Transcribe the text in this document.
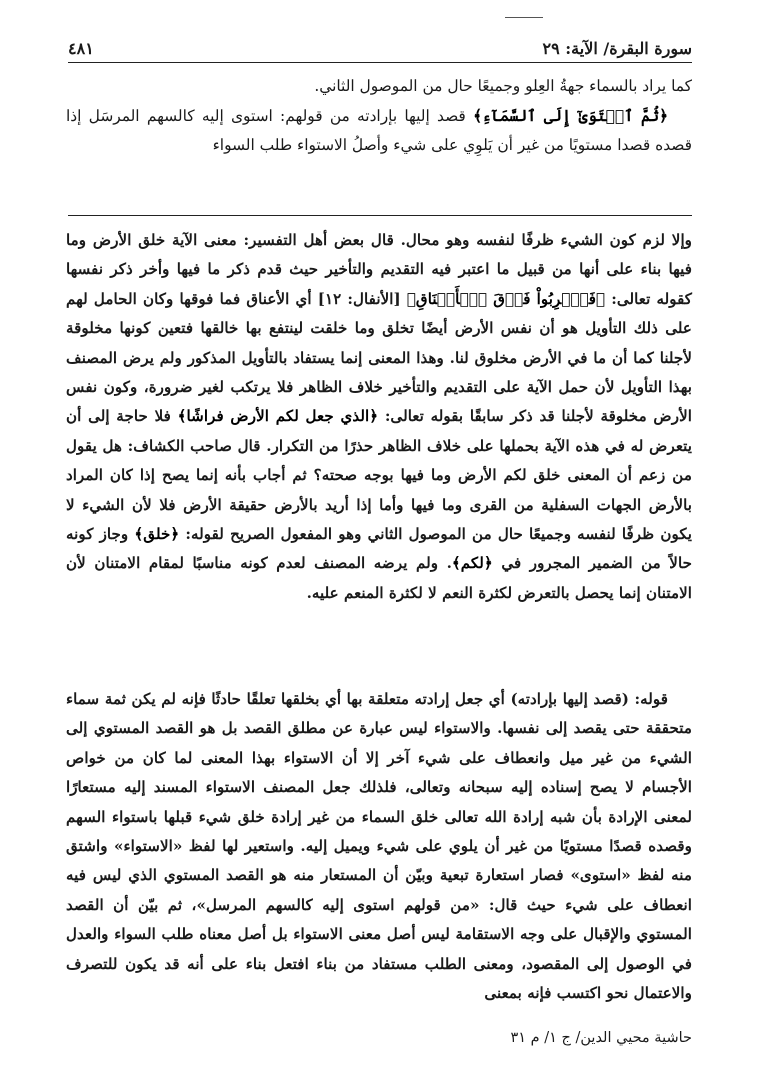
سورة البقرة/ الآية: ٢٩
٤٨١

كما يراد بالسماء جهةُ العِلو وجميعًا حال من الموصول الثاني.

﴿ثُمَّ ٱسۡتَوَىٰٓ إِلَى ٱلسَّمَآءِ﴾ قصد إليها بإرادته من قولهم: استوى إليه كالسهم المرسَل إذا قصده قصدا مستويًا من غير أن يَلوِي على شيء وأصلُ الاستواء طلب السواء

وإلا لزم كون الشيء ظرفًا لنفسه وهو محال. قال بعض أهل التفسير: معنى الآية خلق الأرض وما فيها بناء على أنها من قبيل ما اعتبر فيه التقديم والتأخير حيث قدم ذكر ما فيها وأخر ذكر نفسها كقوله تعالى: ﴿فَٱضۡرِبُواْ فَوۡقَ ٱلۡأَعۡنَاقِ﴾ [الأنفال: ١٢] أي الأعناق فما فوقها وكان الحامل لهم على ذلك التأويل هو أن نفس الأرض أيضًا تخلق وما خلقت لينتفع بها خالقها فتعين كونها مخلوقة لأجلنا كما أن ما في الأرض مخلوق لنا. وهذا المعنى إنما يستفاد بالتأويل المذكور ولم يرض المصنف بهذا التأويل لأن حمل الآية على التقديم والتأخير خلاف الظاهر فلا يرتكب لغير ضرورة، وكون نفس الأرض مخلوقة لأجلنا قد ذكر سابقًا بقوله تعالى: ﴿الذي جعل لكم الأرض فراشًا﴾ فلا حاجة إلى أن يتعرض له في هذه الآية بحملها على خلاف الظاهر حذرًا من التكرار. قال صاحب الكشاف: هل يقول من زعم أن المعنى خلق لكم الأرض وما فيها بوجه صحته؟ ثم أجاب بأنه إنما يصح إذا كان المراد بالأرض الجهات السفلية من القرى وما فيها وأما إذا أريد بالأرض حقيقة الأرض فلا لأن الشيء لا يكون ظرفًا لنفسه وجميعًا حال من الموصول الثاني وهو المفعول الصريح لقوله: ﴿خلق﴾ وجاز كونه حالاً من الضمير المجرور في ﴿لكم﴾. ولم يرضه المصنف لعدم كونه مناسبًا لمقام الامتنان لأن الامتنان إنما يحصل بالتعرض لكثرة النعم لا لكثرة المنعم عليه.

قوله: (قصد إليها بإرادته) أي جعل إرادته متعلقة بها أي بخلقها تعلقًا حادثًا فإنه لم يكن ثمة سماء متحققة حتى يقصد إلى نفسها. والاستواء ليس عبارة عن مطلق القصد بل هو القصد المستوي إلى الشيء من غير ميل وانعطاف على شيء آخر إلا أن الاستواء بهذا المعنى لما كان من خواص الأجسام لا يصح إسناده إليه سبحانه وتعالى، فلذلك جعل المصنف الاستواء المسند إليه مستعارًا لمعنى الإرادة بأن شبه إرادة الله تعالى خلق السماء من غير إرادة خلق شيء قبلها باستواء السهم وقصده قصدًا مستويًا من غير أن يلوي على شيء ويميل إليه. واستعير لها لفظ «الاستواء» واشتق منه لفظ «استوى» فصار استعارة تبعية وبيّن أن المستعار منه هو القصد المستوي الذي ليس فيه انعطاف على شيء حيث قال: «من قولهم استوى إليه كالسهم المرسل»، ثم بيّن أن القصد المستوي والإقبال على وجه الاستقامة ليس أصل معنى الاستواء بل أصل معناه طلب السواء والعدل في الوصول إلى المقصود، ومعنى الطلب مستفاد من بناء افتعل بناء على أنه قد يكون للتصرف والاعتمال نحو اكتسب فإنه بمعنى

حاشية محيي الدين/ ج ١/ م ٣١
